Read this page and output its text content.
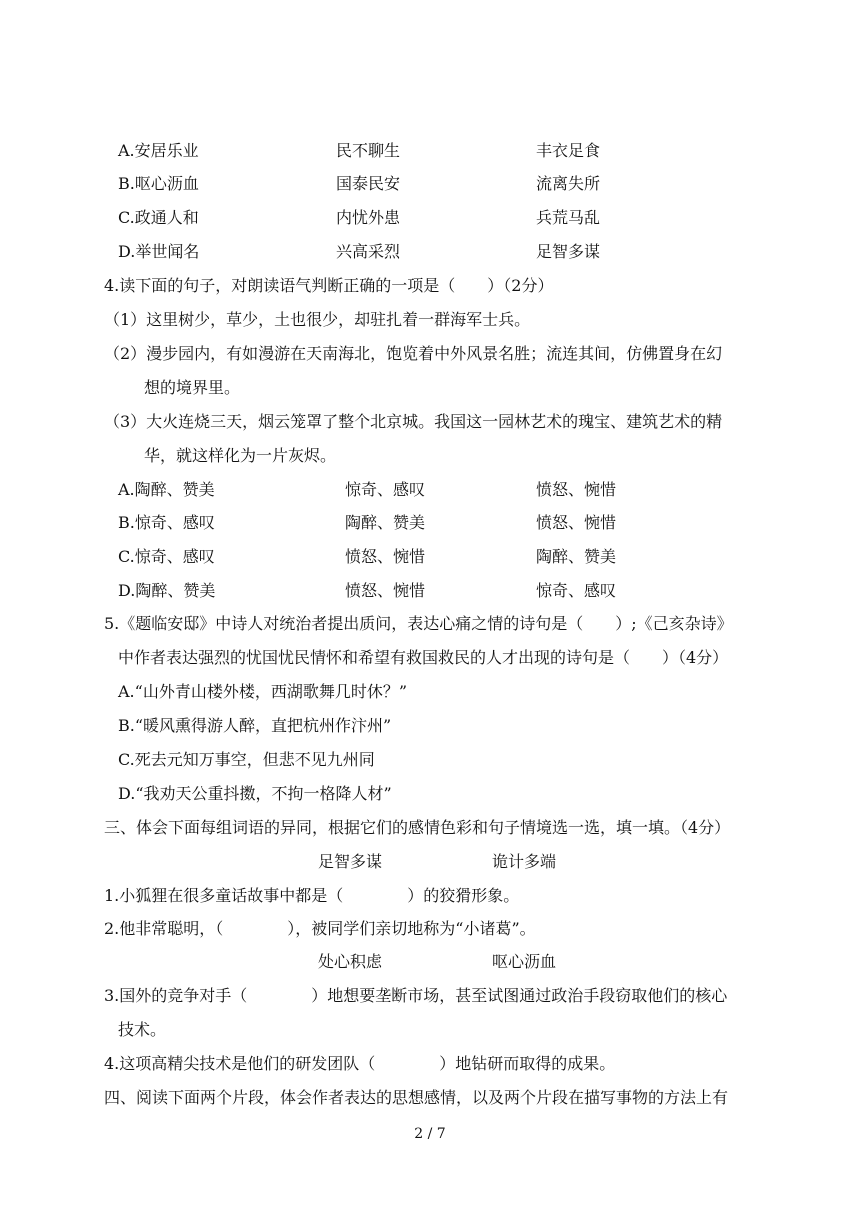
A.安居乐业	民不聊生	丰衣足食
B.呕心沥血	国泰民安	流离失所
C.政通人和	内忧外患	兵荒马乱
D.举世闻名	兴高采烈	足智多谋
4.读下面的句子，对朗读语气判断正确的一项是（　　）（2分）
（1）这里树少，草少，土也很少，却驻扎着一群海军士兵。
（2）漫步园内，有如漫游在天南海北，饱览着中外风景名胜；流连其间，仿佛置身在幻
想的境界里。
（3）大火连烧三天，烟云笼罩了整个北京城。我国这一园林艺术的瑰宝、建筑艺术的精
华，就这样化为一片灰烬。
A.陶醉、赞美	惊奇、感叹	愤怒、惋惜
B.惊奇、感叹	陶醉、赞美	愤怒、惋惜
C.惊奇、感叹	愤怒、惋惜	陶醉、赞美
D.陶醉、赞美	愤怒、惋惜	惊奇、感叹
5.《题临安邸》中诗人对统治者提出质问，表达心痛之情的诗句是（　　）;《己亥杂诗》
中作者表达强烈的忧国忧民情怀和希望有救国救民的人才出现的诗句是（　　）（4分）
A.“山外青山楼外楼，西湖歌舞几时休？”
B.“暖风熏得游人醉，直把杭州作汴州”
C.死去元知万事空，但悲不见九州同
D.“我劝天公重抖擞，不拘一格降人材”
三、体会下面每组词语的异同，根据它们的感情色彩和句子情境选一选，填一填。（4分）
足智多谋	诡计多端
1.小狐狸在很多童话故事中都是（　　　　）的狡猾形象。
2.他非常聪明，（　　　　），被同学们亲切地称为“小诸葛”。
处心积虑	呕心沥血
3.国外的竞争对手（　　　　）地想要垄断市场，甚至试图通过政治手段窃取他们的核心
技术。
4.这项高精尖技术是他们的研发团队（　　　　）地钻研而取得的成果。
四、阅读下面两个片段，体会作者表达的思想感情，以及两个片段在描写事物的方法上有
2 / 7
